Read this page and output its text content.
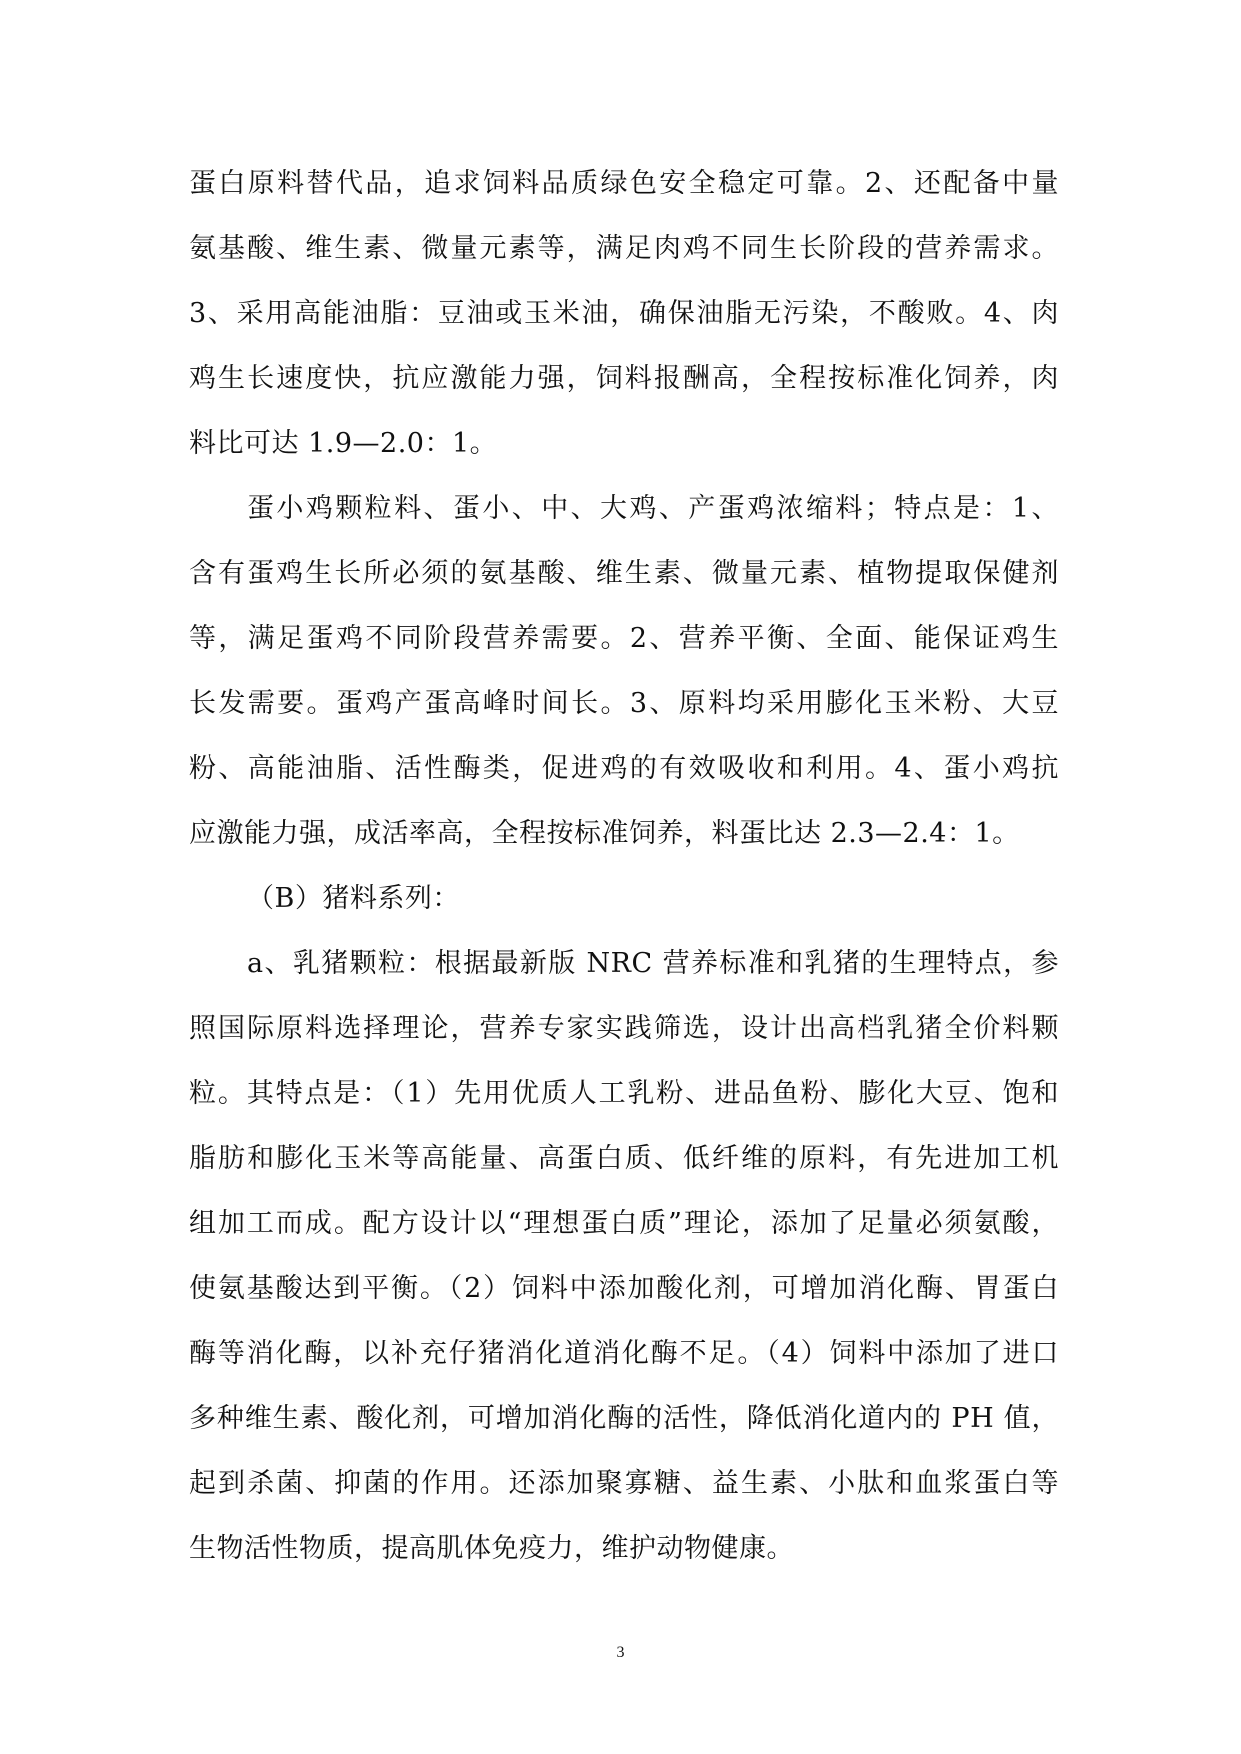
蛋白原料替代品，追求饲料品质绿色安全稳定可靠。2、还配备中量
氨基酸、维生素、微量元素等，满足肉鸡不同生长阶段的营养需求。
3、采用高能油脂：豆油或玉米油，确保油脂无污染，不酸败。4、肉
鸡生长速度快，抗应激能力强，饲料报酬高，全程按标准化饲养，肉
料比可达 1.9—2.0：1。
蛋小鸡颗粒料、蛋小、中、大鸡、产蛋鸡浓缩料；特点是：1、
含有蛋鸡生长所必须的氨基酸、维生素、微量元素、植物提取保健剂
等，满足蛋鸡不同阶段营养需要。2、营养平衡、全面、能保证鸡生
长发需要。蛋鸡产蛋高峰时间长。3、原料均采用膨化玉米粉、大豆
粉、高能油脂、活性酶类，促进鸡的有效吸收和利用。4、蛋小鸡抗
应激能力强，成活率高，全程按标准饲养，料蛋比达 2.3—2.4：1。
（B）猪料系列：
a、乳猪颗粒：根据最新版 NRC 营养标准和乳猪的生理特点，参
照国际原料选择理论，营养专家实践筛选，设计出高档乳猪全价料颗
粒。其特点是：（1）先用优质人工乳粉、进品鱼粉、膨化大豆、饱和
脂肪和膨化玉米等高能量、高蛋白质、低纤维的原料，有先进加工机
组加工而成。配方设计以“理想蛋白质”理论，添加了足量必须氨酸，
使氨基酸达到平衡。（2）饲料中添加酸化剂，可增加消化酶、胃蛋白
酶等消化酶，以补充仔猪消化道消化酶不足。（4）饲料中添加了进口
多种维生素、酸化剂，可增加消化酶的活性，降低消化道内的 PH 值，
起到杀菌、抑菌的作用。还添加聚寡糖、益生素、小肽和血浆蛋白等
生物活性物质，提高肌体免疫力，维护动物健康。
3
